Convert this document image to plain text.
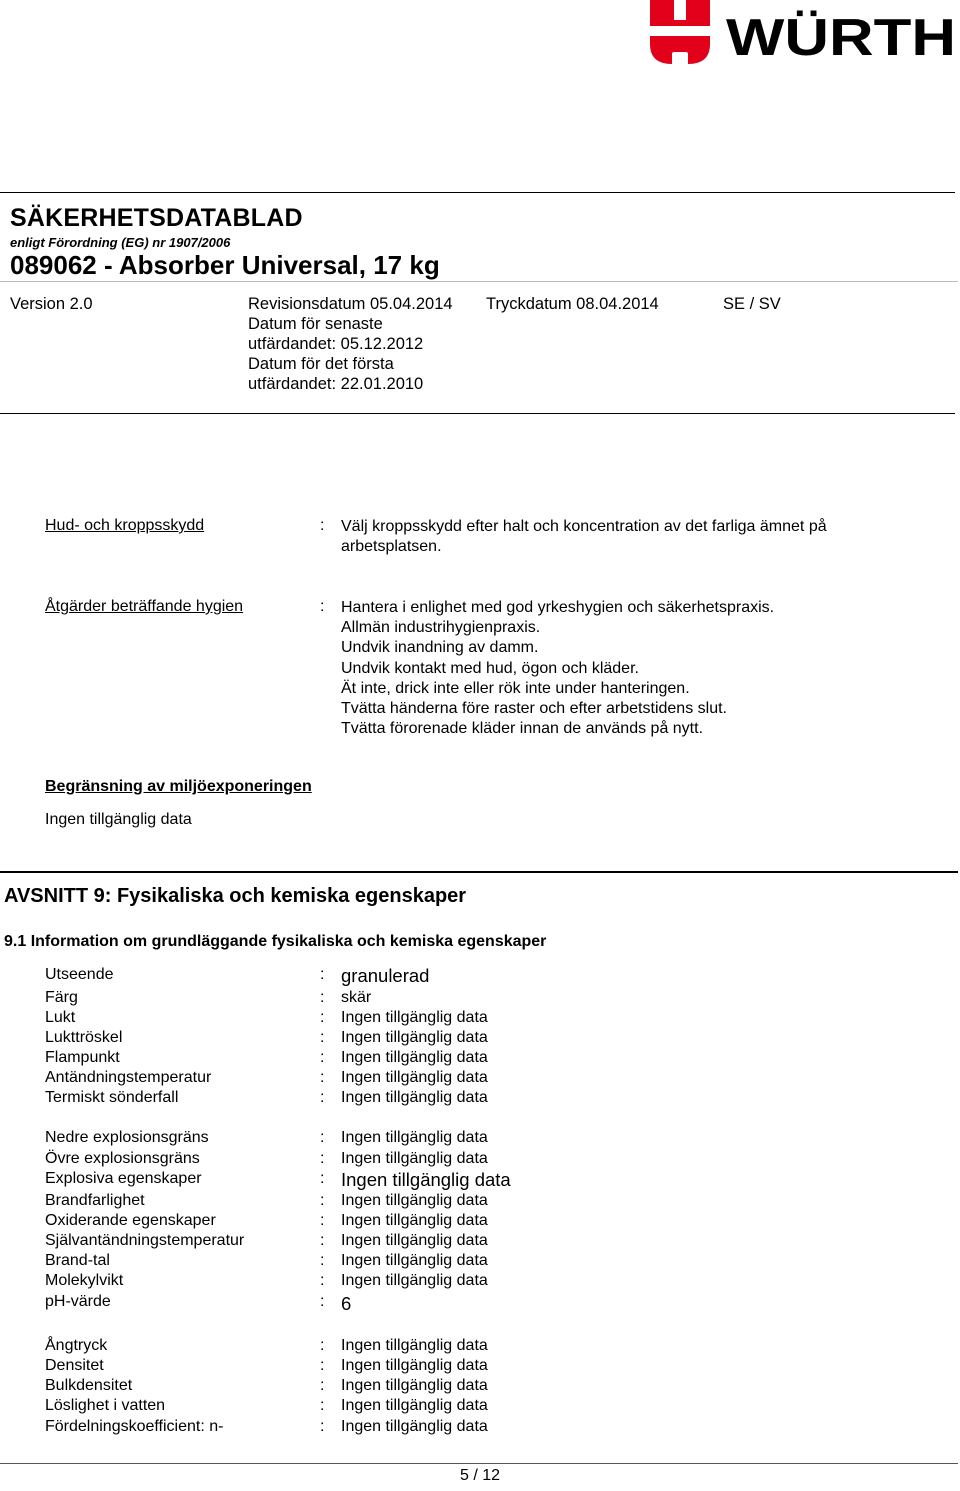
WÜRTH
SÄKERHETSDATABLAD
enligt Förordning (EG) nr 1907/2006
089062 - Absorber Universal, 17 kg
Version 2.0	Revisionsdatum 05.04.2014
Datum för senaste
utfärdandet: 05.12.2012
Datum för det första
utfärdandet: 22.01.2010
Tryckdatum 08.04.2014	SE / SV
Hud- och kroppsskydd	: Välj kroppsskydd efter halt och koncentration av det farliga ämnet på
arbetsplatsen.
Åtgärder beträffande hygien	: Hantera i enlighet med god yrkeshygien och säkerhetspraxis.
Allmän industrihygienpraxis.
Undvik inandning av damm.
Undvik kontakt med hud, ögon och kläder.
Ät inte, drick inte eller rök inte under hanteringen.
Tvätta händerna före raster och efter arbetstidens slut.
Tvätta förorenade kläder innan de används på nytt.
Begränsning av miljöexponeringen
Ingen tillgänglig data
AVSNITT 9: Fysikaliska och kemiska egenskaper
9.1 Information om grundläggande fysikaliska och kemiska egenskaper
Utseende	: granulerad
Färg	: skär
Lukt	: Ingen tillgänglig data
Lukttröskel	: Ingen tillgänglig data
Flampunkt	: Ingen tillgänglig data
Antändningstemperatur	: Ingen tillgänglig data
Termiskt sönderfall	: Ingen tillgänglig data
Nedre explosionsgräns	: Ingen tillgänglig data
Övre explosionsgräns	: Ingen tillgänglig data
Explosiva egenskaper	: Ingen tillgänglig data
Brandfarlighet	: Ingen tillgänglig data
Oxiderande egenskaper	: Ingen tillgänglig data
Självantändningstemperatur	: Ingen tillgänglig data
Brand-tal	: Ingen tillgänglig data
Molekylvikt	: Ingen tillgänglig data
pH-värde	: 6
Ångtryck	: Ingen tillgänglig data
Densitet	: Ingen tillgänglig data
Bulkdensitet	: Ingen tillgänglig data
Löslighet i vatten	: Ingen tillgänglig data
Fördelningskoefficient: n-	: Ingen tillgänglig data
5 / 12
